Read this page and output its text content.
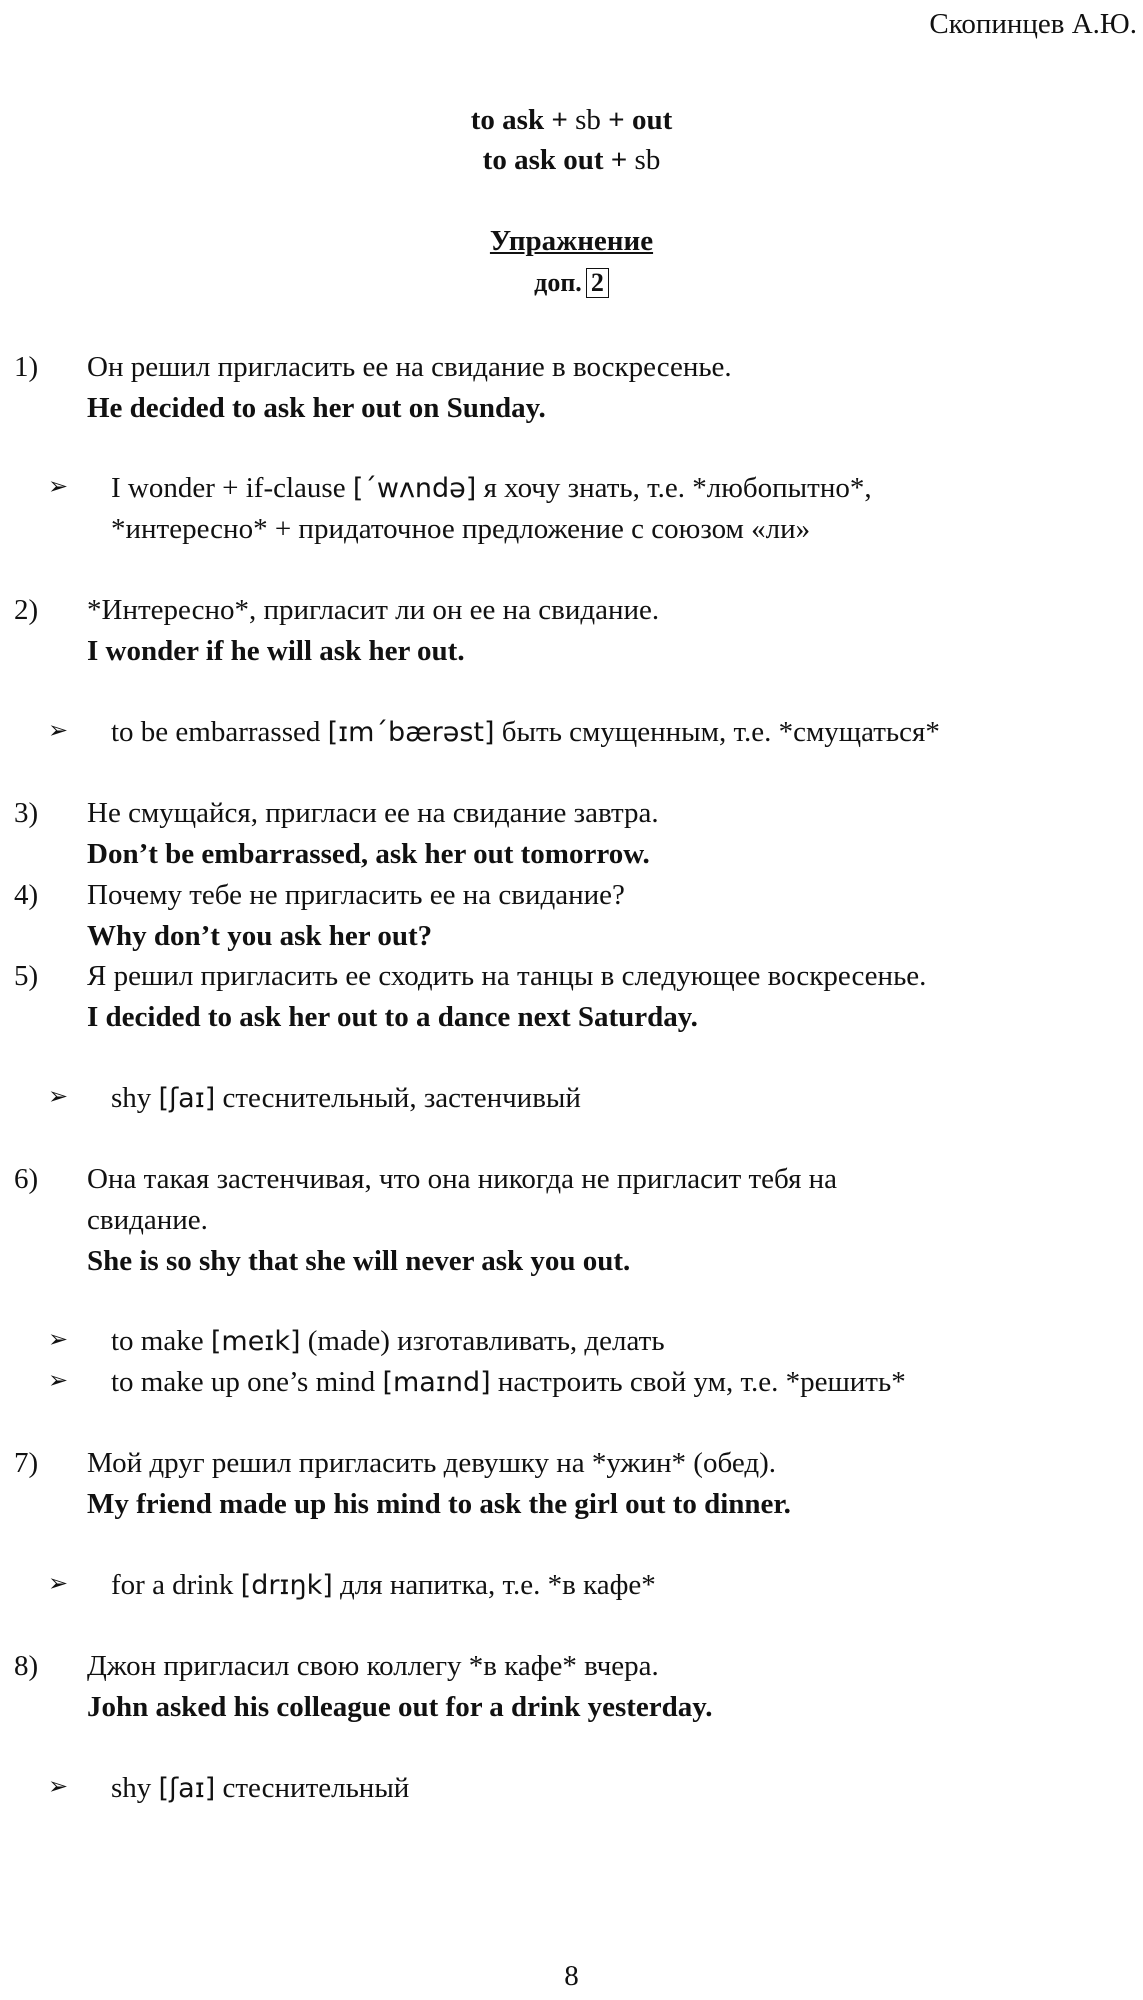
Скопинцев А.Ю.
to ask + sb + out
to ask out + sb
Упражнение
доп. 2
1) Он решил пригласить ее на свидание в воскресенье.
He decided to ask her out on Sunday.
➢ I wonder + if-clause [ˊwʌndə] я хочу знать, т.е. *любопытно*,
*интересно* + придаточное предложение с союзом «ли»
2) *Интересно*, пригласит ли он ее на свидание.
I wonder if he will ask her out.
➢ to be embarrassed [ɪmˊbærəst] быть смущенным, т.е. *смущаться*
3) Не смущайся, пригласи ее на свидание завтра.
Don’t be embarrassed, ask her out tomorrow.
4) Почему тебе не пригласить ее на свидание?
Why don’t you ask her out?
5) Я решил пригласить ее сходить на танцы в следующее воскресенье.
I decided to ask her out to a dance next Saturday.
➢ shy [ʃaɪ] стеснительный, застенчивый
6) Она такая застенчивая, что она никогда не пригласит тебя на
свидание.
She is so shy that she will never ask you out.
➢ to make [meɪk] (made) изготавливать, делать
➢ to make up one’s mind [maɪnd] настроить свой ум, т.е. *решить*
7) Мой друг решил пригласить девушку на *ужин* (обед).
My friend made up his mind to ask the girl out to dinner.
➢ for a drink [drɪŋk] для напитка, т.е. *в кафе*
8) Джон пригласил свою коллегу *в кафе* вчера.
John asked his colleague out for a drink yesterday.
➢ shy [ʃaɪ] стеснительный
8
